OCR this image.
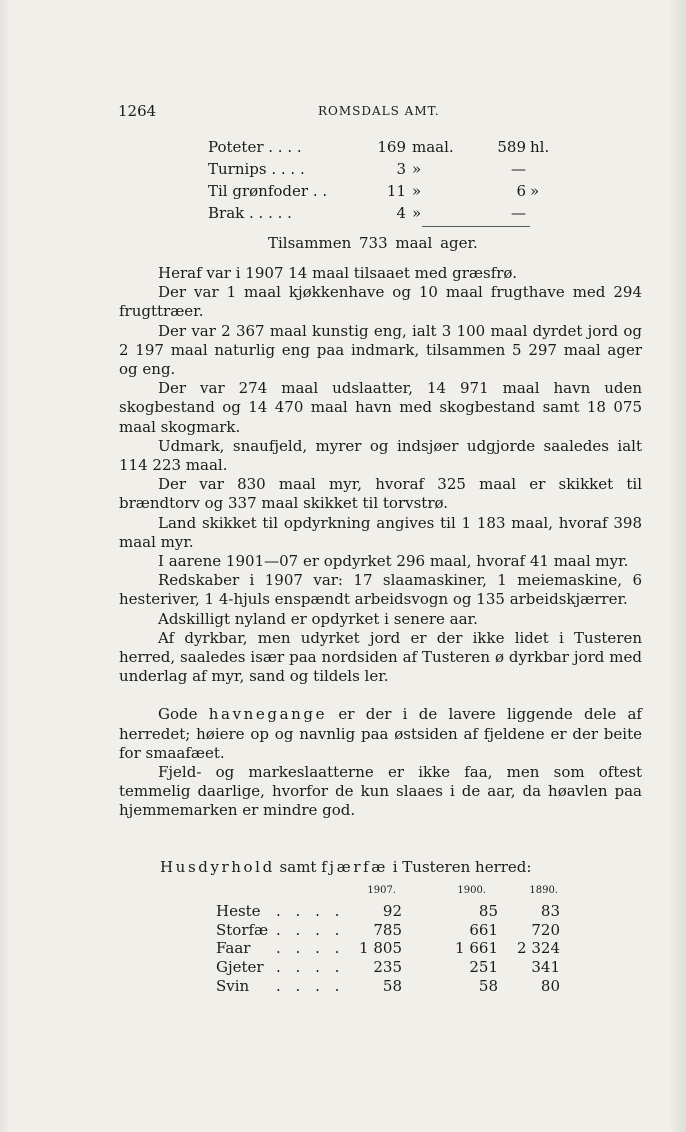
1264	ROMSDALS AMT.
Poteter . . . .	169 maal.	589 hl.
Turnips . . . .	3 »	—
Til grønfoder . .	11 »	6 »
Brak . . . . .	4 »	—
Tilsammen 733 maal ager.

Heraf var i 1907 14 maal tilsaaet med græsfrø.

Der var 1 maal kjøkkenhave og 10 maal frugthave med 294 frugttræer.

Der var 2 367 maal kunstig eng, ialt 3 100 maal dyrdet jord og 2 197 maal naturlig eng paa indmark, tilsammen 5 297 maal ager og eng.

Der var 274 maal udslaatter, 14 971 maal havn uden skogbestand og 14 470 maal havn med skogbestand samt 18 075 maal skogmark.

Udmark, snaufjeld, myrer og indsjøer udgjorde saaledes ialt 114 223 maal.

Der var 830 maal myr, hvoraf 325 maal er skikket til brændtorv og 337 maal skikket til torvstrø.

Land skikket til opdyrkning angives til 1 183 maal, hvoraf 398 maal myr.

I aarene 1901—07 er opdyrket 296 maal, hvoraf 41 maal myr.

Redskaber i 1907 var: 17 slaamaskiner, 1 meiemaskine, 6 hesteriver, 1 4-hjuls enspændt arbeidsvogn og 135 arbeidskjærrer.

Adskilligt nyland er opdyrket i senere aar.

Af dyrkbar, men udyrket jord er der ikke lidet i Tusteren herred, saaledes især paa nordsiden af Tusteren ø dyrkbar jord med underlag af myr, sand og tildels ler.

Gode havnegange er der i de lavere liggende dele af herredet; høiere op og navnlig paa østsiden af fjeldene er der beite for smaafæet.

Fjeld- og markeslaatterne er ikke faa, men som oftest temmelig daarlige, hvorfor de kun slaaes i de aar, da høavlen paa hjemmemarken er mindre god.

Husdyrhold samt fjærfæ i Tusteren herred:
1907.	1900.	1890.
Heste . . . .	92	85	83
Storfæ . . . .	785	661	720
Faar . . . . 1 805	1 661	2 324
Gjeter . . . .	235	251	341
Svin . . . .	58	58	80
